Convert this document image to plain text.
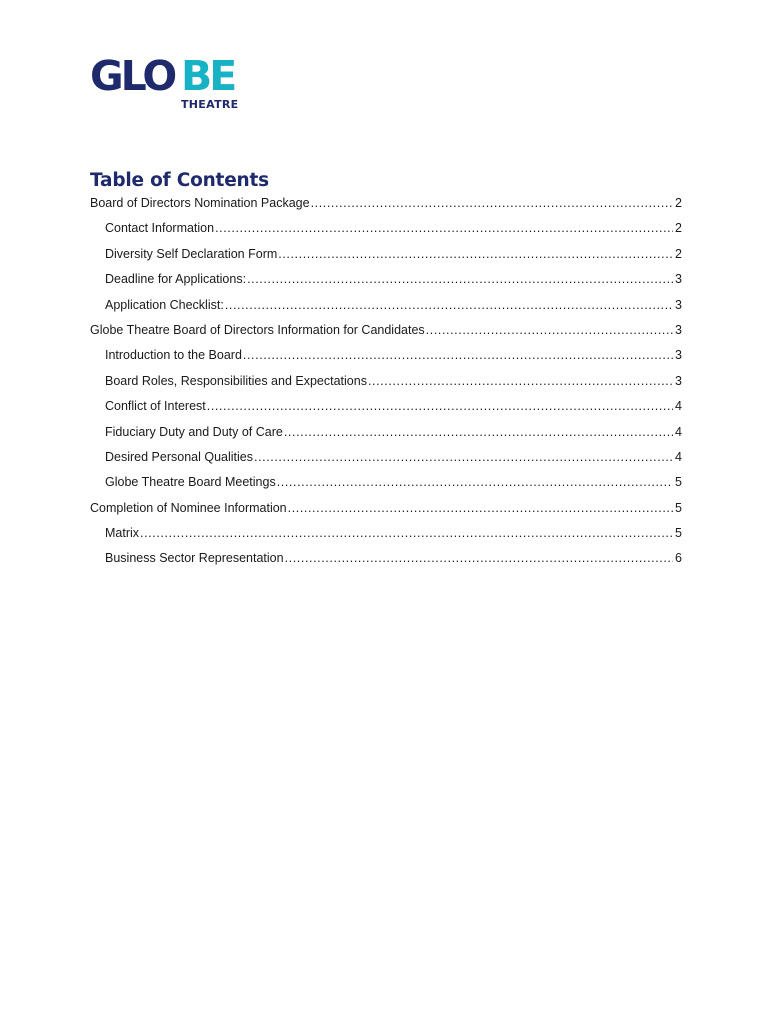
GLO BE
THEATRE
Table of Contents
Board of Directors Nomination Package .....	2
Contact Information .....	2
Diversity Self Declaration Form .....	2
Deadline for Applications: .....	3
Application Checklist: .....	3
Globe Theatre Board of Directors Information for Candidates .....	3
Introduction to the Board .....	3
Board Roles, Responsibilities and Expectations .....	3
Conflict of Interest .....	4
Fiduciary Duty and Duty of Care .....	4
Desired Personal Qualities .....	4
Globe Theatre Board Meetings .....	5
Completion of Nominee Information .....	5
Matrix .....	5
Business Sector Representation .....	6
